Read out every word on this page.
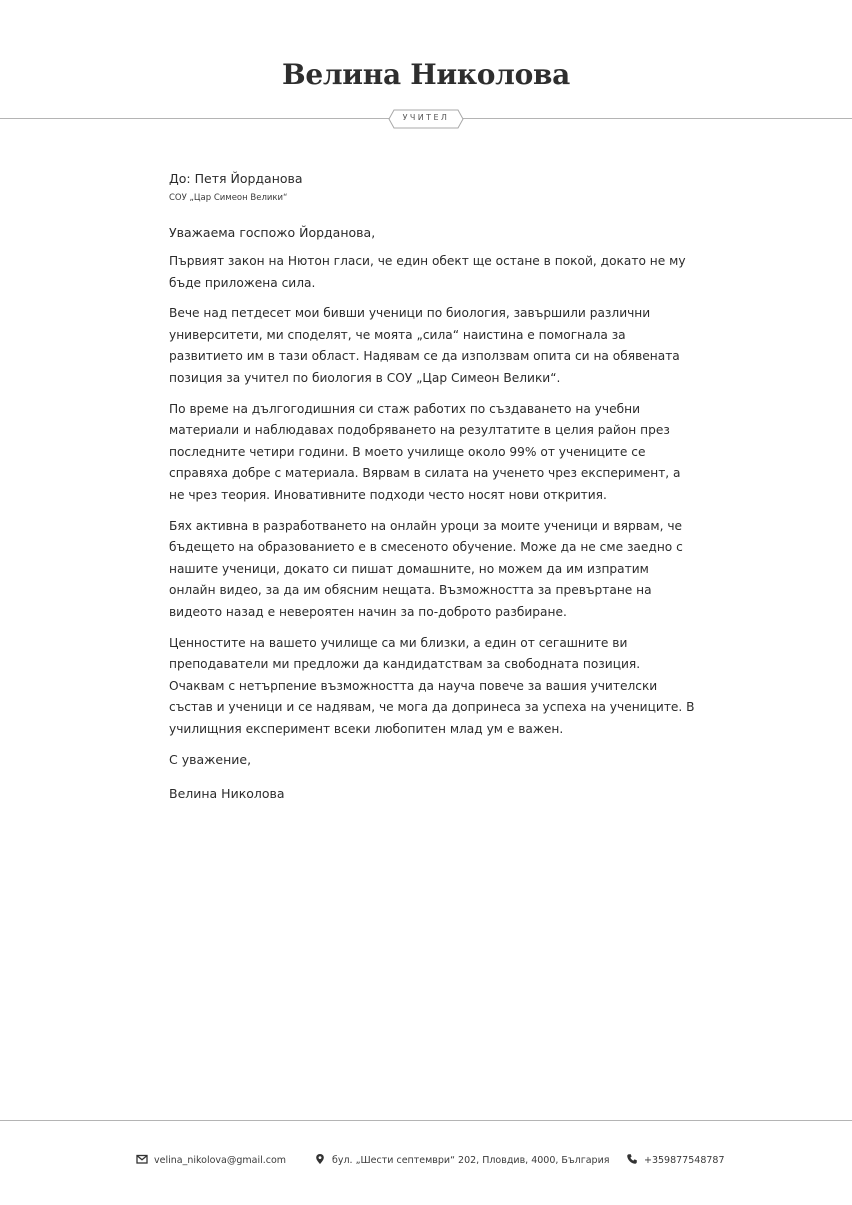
Велина Николова
УЧИТЕЛ
До: Петя Йорданова
СОУ „Цар Симеон Велики“
Уважаема госпожо Йорданова,
Първият закон на Нютон гласи, че един обект ще остане в покой, докато не му бъде приложена сила.
Вече над петдесет мои бивши ученици по биология, завършили различни университети, ми споделят, че моята „сила“ наистина е помогнала за развитието им в тази област. Надявам се да използвам опита си на обявената позиция за учител по биология в СОУ „Цар Симеон Велики“.
По време на дългогодишния си стаж работих по създаването на учебни материали и наблюдавах подобряването на резултатите в целия район през последните четири години. В моето училище около 99% от учениците се справяха добре с материала. Вярвам в силата на ученето чрез експеримент, а не чрез теория. Иновативните подходи често носят нови открития.
Бях активна в разработването на онлайн уроци за моите ученици и вярвам, че бъдещето на образованието е в смесеното обучение. Може да не сме заедно с нашите ученици, докато си пишат домашните, но можем да им изпратим онлайн видео, за да им обясним нещата. Възможността за превъртане на видеото назад е невероятен начин за по-доброто разбиране.
Ценностите на вашето училище са ми близки, а един от сегашните ви преподаватели ми предложи да кандидатствам за свободната позиция. Очаквам с нетърпение възможността да науча повече за вашия учителски състав и ученици и се надявам, че мога да допринеса за успеха на учениците. В училищния експеримент всеки любопитен млад ум е важен.
С уважение,
Велина Николова
velina_nikolova@gmail.com	бул. „Шести септември“ 202, Пловдив, 4000, България	+359877548787
